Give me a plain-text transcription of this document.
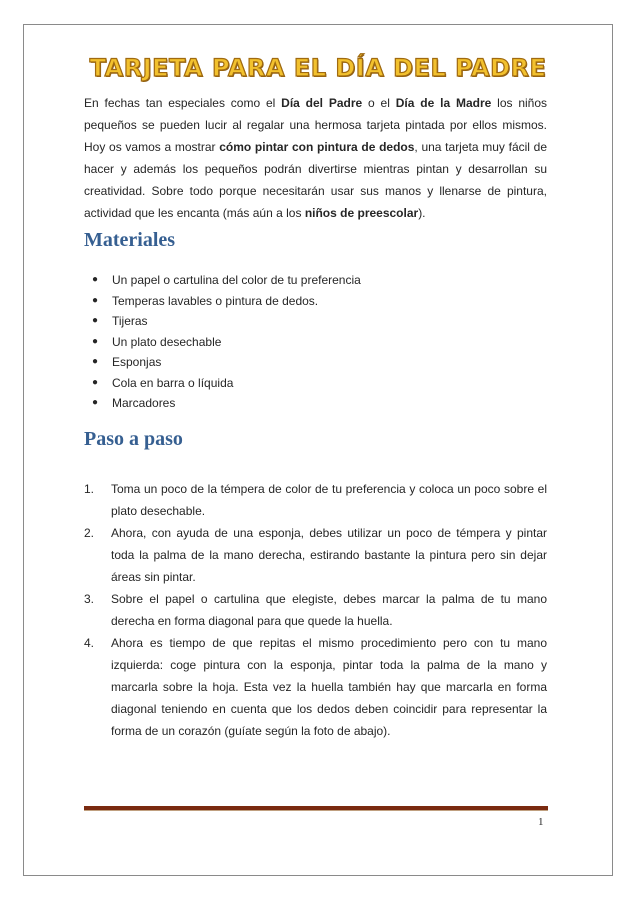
TARJETA PARA EL DÍA DEL PADRE

En fechas tan especiales como el Día del Padre o el Día de la Madre los niños pequeños se pueden lucir al regalar una hermosa tarjeta pintada por ellos mismos. Hoy os vamos a mostrar cómo pintar con pintura de dedos, una tarjeta muy fácil de hacer y además los pequeños podrán divertirse mientras pintan y desarrollan su creatividad. Sobre todo porque necesitarán usar sus manos y llenarse de pintura, actividad que les encanta (más aún a los niños de preescolar).

Materiales
● Un papel o cartulina del color de tu preferencia
● Temperas lavables o pintura de dedos.
● Tijeras
● Un plato desechable
● Esponjas
● Cola en barra o líquida
● Marcadores
Paso a paso
1. Toma un poco de la témpera de color de tu preferencia y coloca un poco sobre el plato desechable.
2. Ahora, con ayuda de una esponja, debes utilizar un poco de témpera y pintar toda la palma de la mano derecha, estirando bastante la pintura pero sin dejar áreas sin pintar.
3. Sobre el papel o cartulina que elegiste, debes marcar la palma de tu mano derecha en forma diagonal para que quede la huella.
4. Ahora es tiempo de que repitas el mismo procedimiento pero con tu mano izquierda: coge pintura con la esponja, pintar toda la palma de la mano y marcarla sobre la hoja. Esta vez la huella también hay que marcarla en forma diagonal teniendo en cuenta que los dedos deben coincidir para representar la forma de un corazón (guíate según la foto de abajo).
1
